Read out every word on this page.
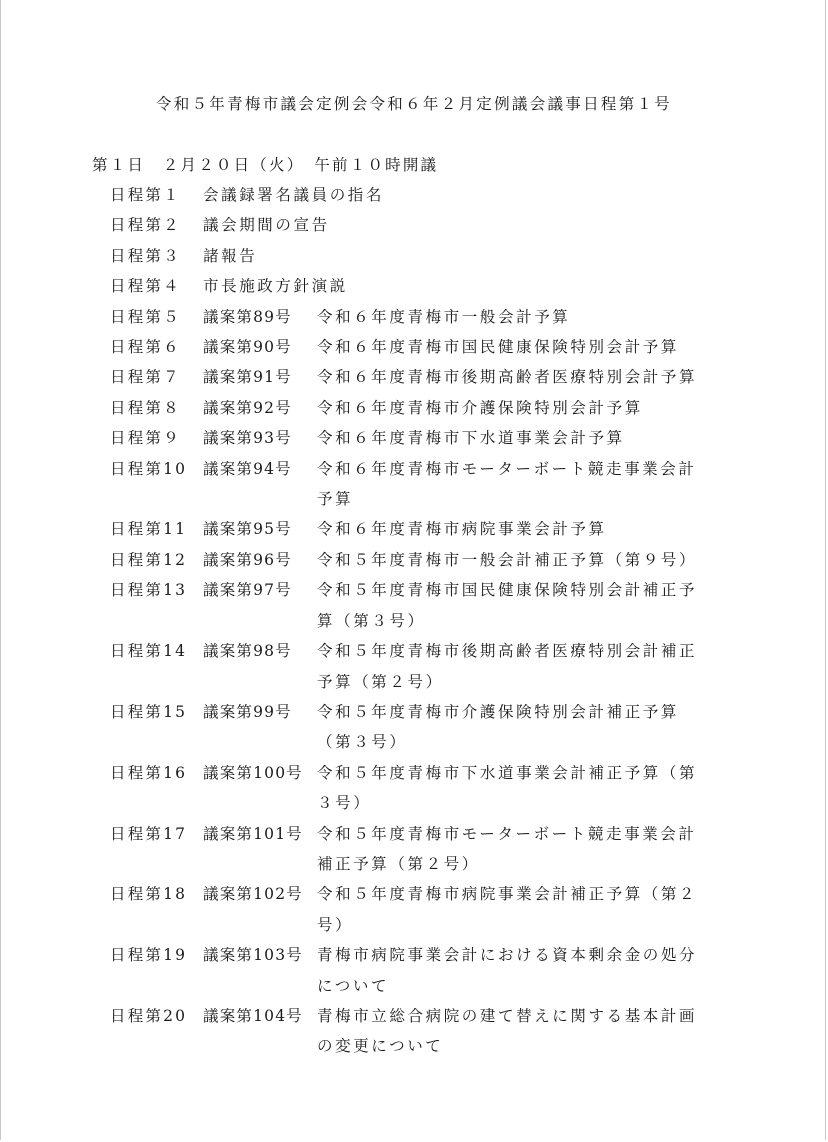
令和５年青梅市議会定例会令和６年２月定例議会議事日程第１号
第１日　２月２０日（火）　午前１０時開議
日程第１ 会議録署名議員の指名
日程第２ 議会期間の宣告
日程第３ 諸報告
日程第４ 市長施政方針演説
日程第５ 議案第89号 令和６年度青梅市一般会計予算
日程第６ 議案第90号 令和６年度青梅市国民健康保険特別会計予算
日程第７ 議案第91号 令和６年度青梅市後期高齢者医療特別会計予算
日程第８ 議案第92号 令和６年度青梅市介護保険特別会計予算
日程第９ 議案第93号 令和６年度青梅市下水道事業会計予算
日程第10 議案第94号 令和６年度青梅市モーターボート競走事業会計
予算
日程第11 議案第95号 令和６年度青梅市病院事業会計予算
日程第12 議案第96号 令和５年度青梅市一般会計補正予算（第９号）
日程第13 議案第97号 令和５年度青梅市国民健康保険特別会計補正予
算（第３号）
日程第14 議案第98号 令和５年度青梅市後期高齢者医療特別会計補正
予算（第２号）
日程第15 議案第99号 令和５年度青梅市介護保険特別会計補正予算
（第３号）
日程第16 議案第100号 令和５年度青梅市下水道事業会計補正予算（第
３号）
日程第17 議案第101号 令和５年度青梅市モーターボート競走事業会計
補正予算（第２号）
日程第18 議案第102号 令和５年度青梅市病院事業会計補正予算（第２
号）
日程第19 議案第103号 青梅市病院事業会計における資本剰余金の処分
について
日程第20 議案第104号 青梅市立総合病院の建て替えに関する基本計画
の変更について
